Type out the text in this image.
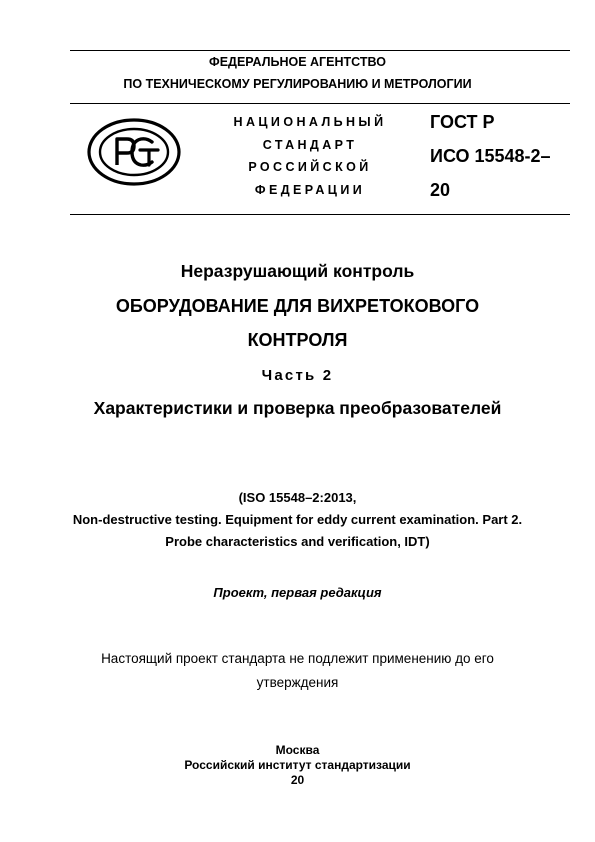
ФЕДЕРАЛЬНОЕ АГЕНТСТВО
ПО ТЕХНИЧЕСКОМУ РЕГУЛИРОВАНИЮ И МЕТРОЛОГИИ
НАЦИОНАЛЬНЫЙ
СТАНДАРТ
РОССИЙСКОЙ
ФЕДЕРАЦИИ
ГОСТ Р
ИСО 15548-2–
20
Неразрушающий контроль
ОБОРУДОВАНИЕ ДЛЯ ВИХРЕТОКОВОГО
КОНТРОЛЯ
Часть 2
Характеристики и проверка преобразователей
(ISO 15548–2:2013,
Non-destructive testing. Equipment for eddy current examination. Part 2.
Probe characteristics and verification, IDT)
Проект, первая редакция
Настоящий проект стандарта не подлежит применению до его
утверждения
Москва
Российский институт стандартизации
20
